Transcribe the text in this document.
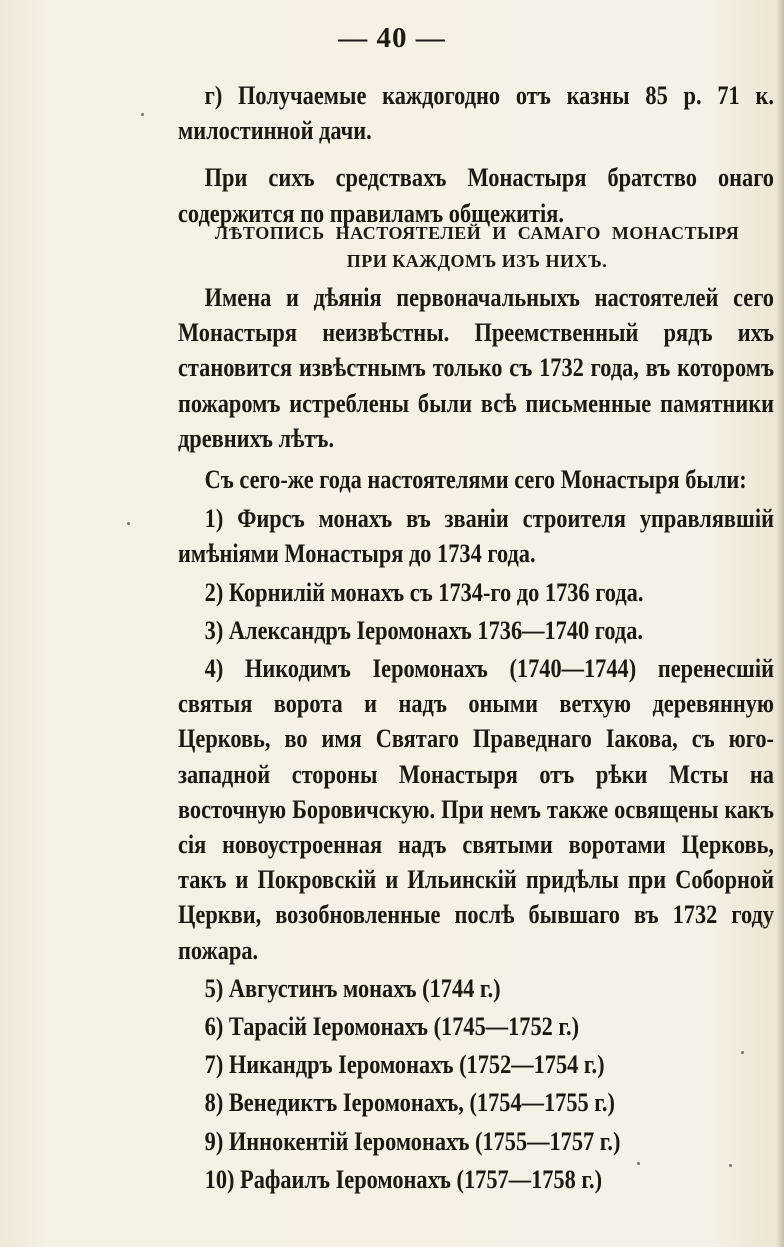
— 40 —

г) Получаемые каждогодно отъ казны 85 р. 71 к. милостинной дачи.

При сихъ средствахъ Монастыря братство онаго содержится по правиламъ общежитія.

ЛѢТОПИСЬ НАСТОЯТЕЛЕЙ И САМАГО МОНАСТЫРЯ
ПРИ КАЖДОМЪ ИЗЪ НИХЪ.

Имена и дѣянія первоначальныхъ настоятелей сего Монастыря неизвѣстны. Преемственный рядъ ихъ становится извѣстнымъ только съ 1732 года, въ которомъ пожаромъ истреблены были всѣ письменные памятники древнихъ лѣтъ.

Съ сего-же года настоятелями сего Монастыря были:

1) Фирсъ монахъ въ званіи строителя управлявшій имѣніями Монастыря до 1734 года.

2) Корнилій монахъ съ 1734-го до 1736 года.

3) Александръ Іеромонахъ 1736—1740 года.

4) Никодимъ Іеромонахъ (1740—1744) перенесшій святыя ворота и надъ оными ветхую деревянную Церковь, во имя Святаго Праведнаго Іакова, съ юго-западной стороны Монастыря отъ рѣки Мсты на восточную Боровичскую. При немъ также освящены какъ сія новоустроенная надъ святыми воротами Церковь, такъ и Покровскій и Ильинскій придѣлы при Соборной Церкви, возобновленные послѣ бывшаго въ 1732 году пожара.

5) Августинъ монахъ (1744 г.)

6) Тарасій Іеромонахъ (1745—1752 г.)

7) Никандръ Іеромонахъ (1752—1754 г.)

8) Венедиктъ Іеромонахъ, (1754—1755 г.)

9) Иннокентій Іеромонахъ (1755—1757 г.)

10) Рафаилъ Іеромонахъ (1757—1758 г.)
